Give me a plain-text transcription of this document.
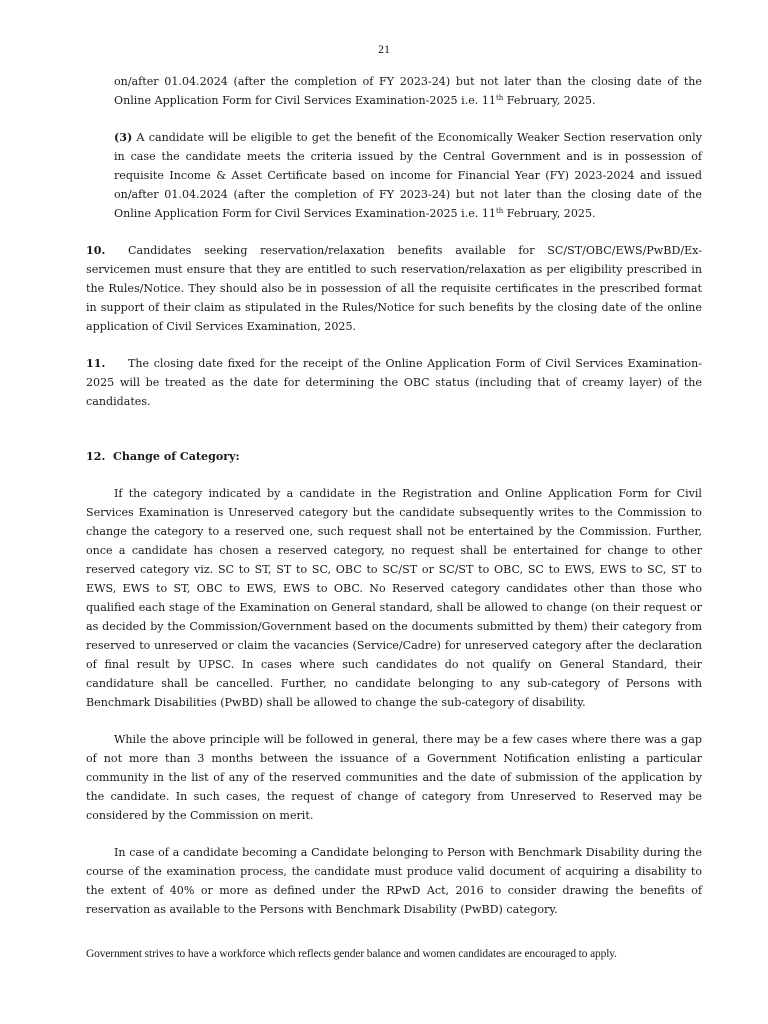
21

on/after 01.04.2024 (after the completion of FY 2023-24) but not later than the closing date of the Online Application Form for Civil Services Examination-2025 i.e. 11th February, 2025.

(3) A candidate will be eligible to get the benefit of the Economically Weaker Section reservation only in case the candidate meets the criteria issued by the Central Government and is in possession of requisite Income & Asset Certificate based on income for Financial Year (FY) 2023-2024 and issued on/after 01.04.2024 (after the completion of FY 2023-24) but not later than the closing date of the Online Application Form for Civil Services Examination-2025 i.e. 11th February, 2025.

10. Candidates seeking reservation/relaxation benefits available for SC/ST/OBC/EWS/PwBD/Ex-servicemen must ensure that they are entitled to such reservation/relaxation as per eligibility prescribed in the Rules/Notice. They should also be in possession of all the requisite certificates in the prescribed format in support of their claim as stipulated in the Rules/Notice for such benefits by the closing date of the online application of Civil Services Examination, 2025.

11. The closing date fixed for the receipt of the Online Application Form of Civil Services Examination-2025 will be treated as the date for determining the OBC status (including that of creamy layer) of the candidates.

12.  Change of Category:

If the category indicated by a candidate in the Registration and Online Application Form for Civil Services Examination is Unreserved category but the candidate subsequently writes to the Commission to change the category to a reserved one, such request shall not be entertained by the Commission. Further, once a candidate has chosen a reserved category, no request shall be entertained for change to other reserved category viz. SC to ST, ST to SC, OBC to SC/ST or SC/ST to OBC, SC to EWS, EWS to SC, ST to EWS, EWS to ST, OBC to EWS, EWS to OBC. No Reserved category candidates other than those who qualified each stage of the Examination on General standard, shall be allowed to change (on their request or as decided by the Commission/Government based on the documents submitted by them) their category from reserved to unreserved or claim the vacancies (Service/Cadre) for unreserved category after the declaration of final result by UPSC. In cases where such candidates do not qualify on General Standard, their candidature shall be cancelled. Further, no candidate belonging to any sub-category of Persons with Benchmark Disabilities (PwBD) shall be allowed to change the sub-category of disability.

While the above principle will be followed in general, there may be a few cases where there was a gap of not more than 3 months between the issuance of a Government Notification enlisting a particular community in the list of any of the reserved communities and the date of submission of the application by the candidate. In such cases, the request of change of category from Unreserved to Reserved may be considered by the Commission on merit.

In case of a candidate becoming a Candidate belonging to Person with Benchmark Disability during the course of the examination process, the candidate must produce valid document of acquiring a disability to the extent of 40% or more as defined under the RPwD Act, 2016 to consider drawing the benefits of reservation as available to the Persons with Benchmark Disability (PwBD) category.

Government strives to have a workforce which reflects gender balance and women candidates are encouraged to apply.
